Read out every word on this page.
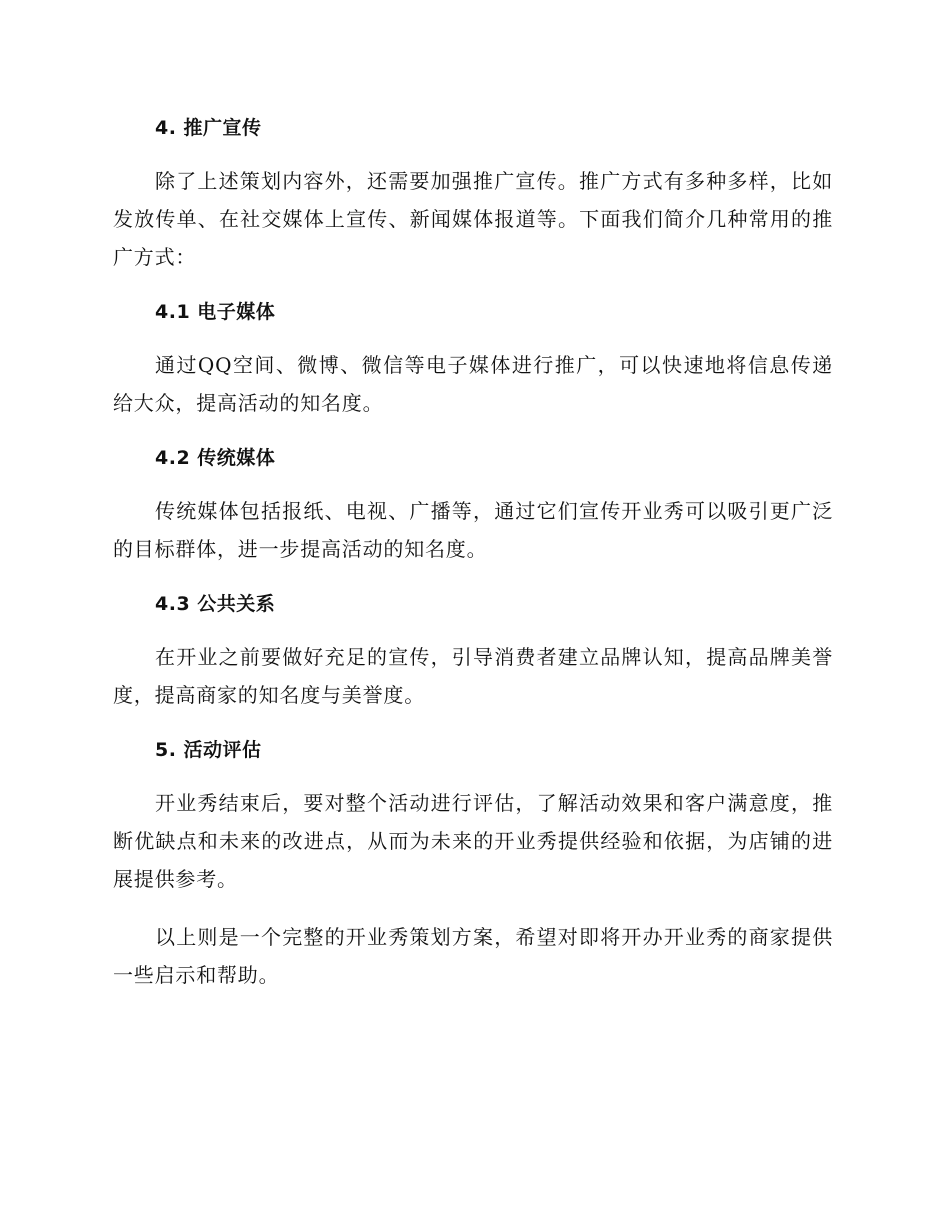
4. 推广宣传

除了上述策划内容外，还需要加强推广宣传。推广方式有多种多样，比如发放传单、在社交媒体上宣传、新闻媒体报道等。下面我们简介几种常用的推广方式：

4.1 电子媒体

通过QQ空间、微博、微信等电子媒体进行推广，可以快速地将信息传递给大众，提高活动的知名度。

4.2 传统媒体

传统媒体包括报纸、电视、广播等，通过它们宣传开业秀可以吸引更广泛的目标群体，进一步提高活动的知名度。

4.3 公共关系

在开业之前要做好充足的宣传，引导消费者建立品牌认知，提高品牌美誉度，提高商家的知名度与美誉度。

5. 活动评估

开业秀结束后，要对整个活动进行评估，了解活动效果和客户满意度，推断优缺点和未来的改进点，从而为未来的开业秀提供经验和依据，为店铺的进展提供参考。

以上则是一个完整的开业秀策划方案，希望对即将开办开业秀的商家提供一些启示和帮助。
